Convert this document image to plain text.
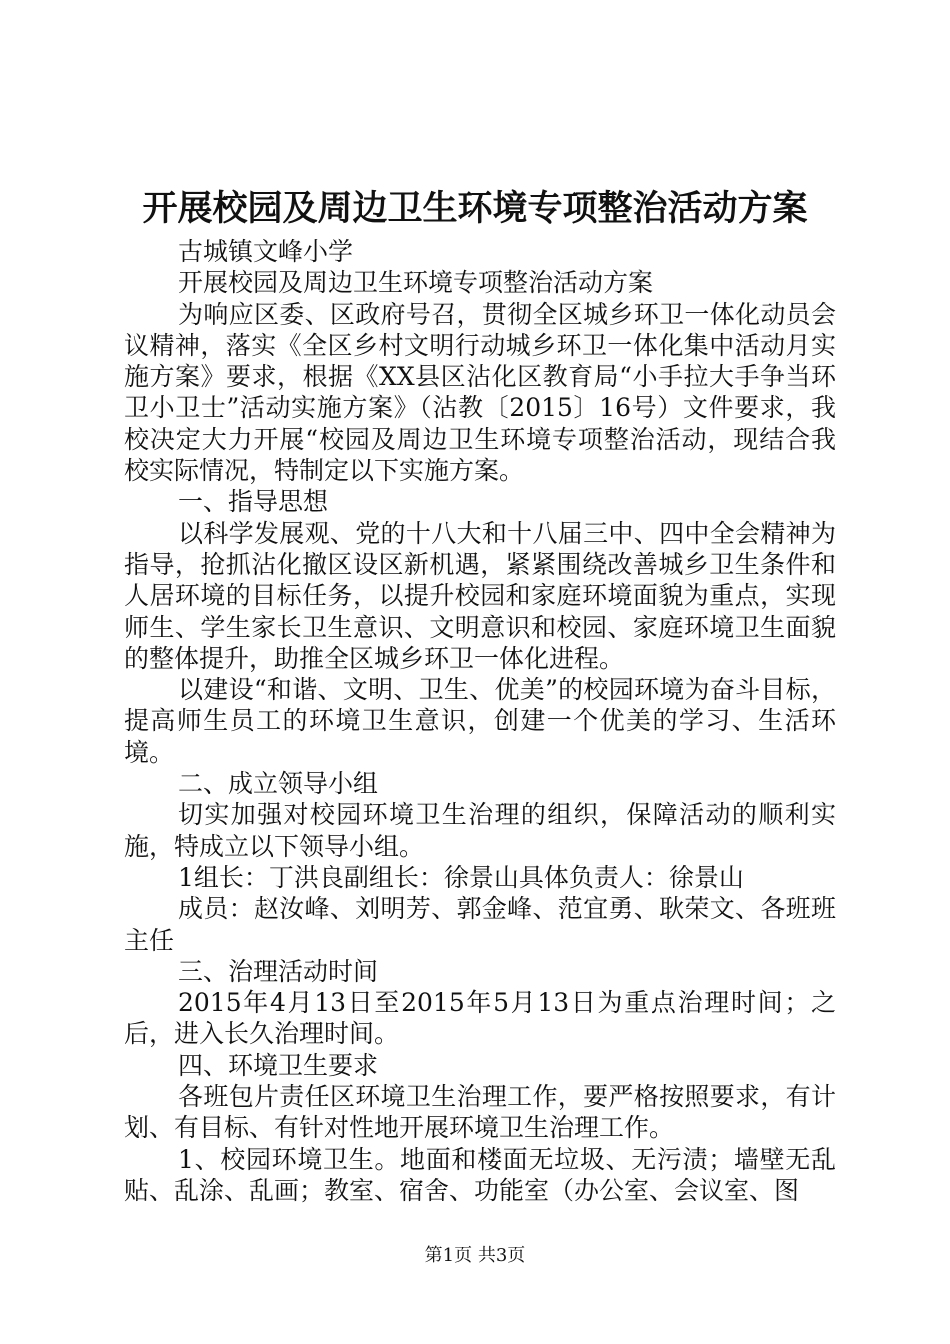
开展校园及周边卫生环境专项整治活动方案

古城镇文峰小学

开展校园及周边卫生环境专项整治活动方案

为响应区委、区政府号召，贯彻全区城乡环卫一体化动员会议精神，落实《全区乡村文明行动城乡环卫一体化集中活动月实施方案》要求，根据《XX县区沾化区教育局“小手拉大手争当环卫小卫士”活动实施方案》（沾教〔2015〕16号）文件要求，我校决定大力开展“校园及周边卫生环境专项整治活动，现结合我校实际情况，特制定以下实施方案。

一、指导思想

以科学发展观、党的十八大和十八届三中、四中全会精神为指导，抢抓沾化撤区设区新机遇，紧紧围绕改善城乡卫生条件和人居环境的目标任务，以提升校园和家庭环境面貌为重点，实现师生、学生家长卫生意识、文明意识和校园、家庭环境卫生面貌的整体提升，助推全区城乡环卫一体化进程。

以建设“和谐、文明、卫生、优美”的校园环境为奋斗目标，提高师生员工的环境卫生意识，创建一个优美的学习、生活环境。

二、成立领导小组

切实加强对校园环境卫生治理的组织，保障活动的顺利实施，特成立以下领导小组。

1组长：丁洪良副组长：徐景山具体负责人：徐景山

成员：赵汝峰、刘明芳、郭金峰、范宜勇、耿荣文、各班班主任

三、治理活动时间

2015年4月13日至2015年5月13日为重点治理时间；之后，进入长久治理时间。

四、环境卫生要求

各班包片责任区环境卫生治理工作，要严格按照要求，有计划、有目标、有针对性地开展环境卫生治理工作。

1、校园环境卫生。地面和楼面无垃圾、无污渍；墙壁无乱贴、乱涂、乱画；教室、宿舍、功能室（办公室、会议室、图

第1页 共3页
